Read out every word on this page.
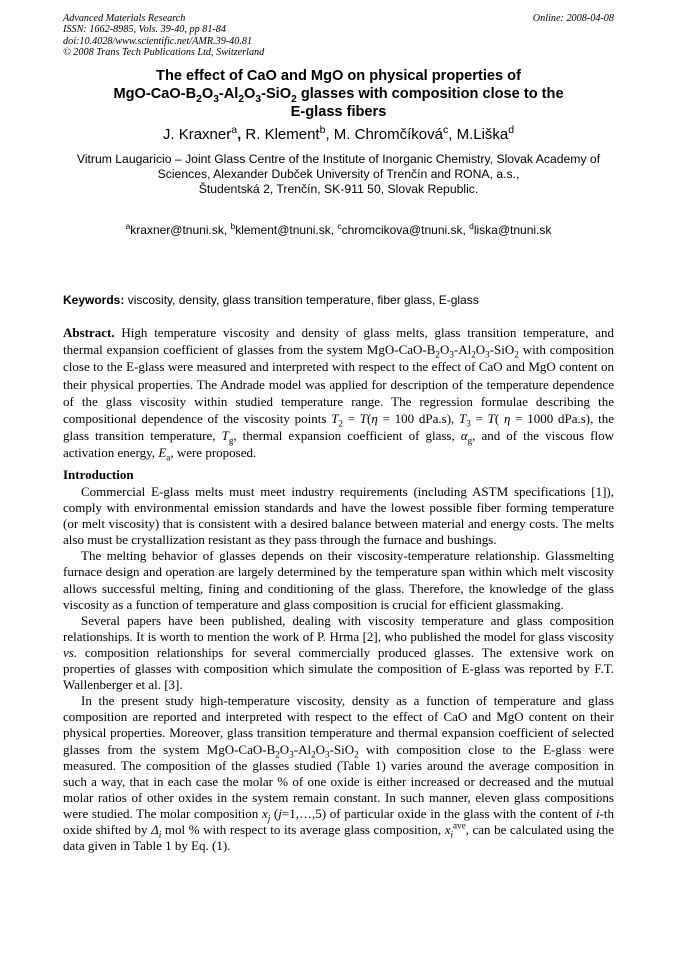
Advanced Materials Research
ISSN: 1662-8985, Vols. 39-40, pp 81-84
doi:10.4028/www.scientific.net/AMR.39-40.81
© 2008 Trans Tech Publications Ltd, Switzerland
Online: 2008-04-08
The effect of CaO and MgO on physical properties of
MgO-$CaO-B_2O_3-Al_2O_3-SiO_2$ glasses with composition close to the
E-glass fibers
J. Kraxner$^a$, R. Klement$^b$, M. Chromčíková$^c$, M.Liška$^d$
Vitrum Laugaricio – Joint Glass Centre of the Institute of Inorganic Chemistry, Slovak Academy of
Sciences, Alexander Dubček University of Trenčín and RONA, a.s.,
Študentská 2, Trenčín, SK-911 50, Slovak Republic.
$^a$kraxner@tnuni.sk, $^b$klement@tnuni.sk, $^c$chromcikova@tnuni.sk, $^d$liska@tnuni.sk
Keywords: viscosity, density, glass transition temperature, fiber glass, E-glass

Abstract. High temperature viscosity and density of glass melts, glass transition temperature, and thermal expansion coefficient of glasses from the system MgO-$CaO-B_2O_3-Al_2O_3-SiO_2$ with composition close to the E-glass were measured and interpreted with respect to the effect of CaO and MgO content on their physical properties. The Andrade model was applied for description of the temperature dependence of the glass viscosity within studied temperature range. The regression formulae describing the compositional dependence of the viscosity points $T_2 = T(\eta = 100$ dPa.s), $T_3 = T$( η = 1000 dPa.s), the glass transition temperature, $T_g$, thermal expansion coefficient of glass, $\alpha_g$, and of the viscous flow activation energy, $E_a$, were proposed.

Introduction

Commercial E-glass melts must meet industry requirements (including ASTM specifications [1]), comply with environmental emission standards and have the lowest possible fiber forming temperature (or melt viscosity) that is consistent with a desired balance between material and energy costs. The melts also must be crystallization resistant as they pass through the furnace and bushings.

The melting behavior of glasses depends on their viscosity-temperature relationship. Glassmelting furnace design and operation are largely determined by the temperature span within which melt viscosity allows successful melting, fining and conditioning of the glass. Therefore, the knowledge of the glass viscosity as a function of temperature and glass composition is crucial for efficient glassmaking.

Several papers have been published, dealing with viscosity temperature and glass composition relationships. It is worth to mention the work of P. Hrma [2], who published the model for glass viscosity vs. composition relationships for several commercially produced glasses. The extensive work on properties of glasses with composition which simulate the composition of E-glass was reported by F.T. Wallenberger et al. [3].

In the present study high-temperature viscosity, density as a function of temperature and glass composition are reported and interpreted with respect to the effect of CaO and MgO content on their physical properties. Moreover, glass transition temperature and thermal expansion coefficient of selected glasses from the system MgO-$CaO-B_2O_3-Al_2O_3-SiO_2$ with composition close to the E-glass were measured. The composition of the glasses studied (Table 1) varies around the average composition in such a way, that in each case the molar % of one oxide is either increased or decreased and the mutual molar ratios of other oxides in the system remain constant. In such manner, eleven glass compositions were studied. The molar composition $x_j$ (j=1,…,5) of particular oxide in the glass with the content of i-th oxide shifted by $\Delta_i$ mol % with respect to its average glass composition, $x_i^{ave}$, can be calculated using the data given in Table 1 by Eq. (1).
